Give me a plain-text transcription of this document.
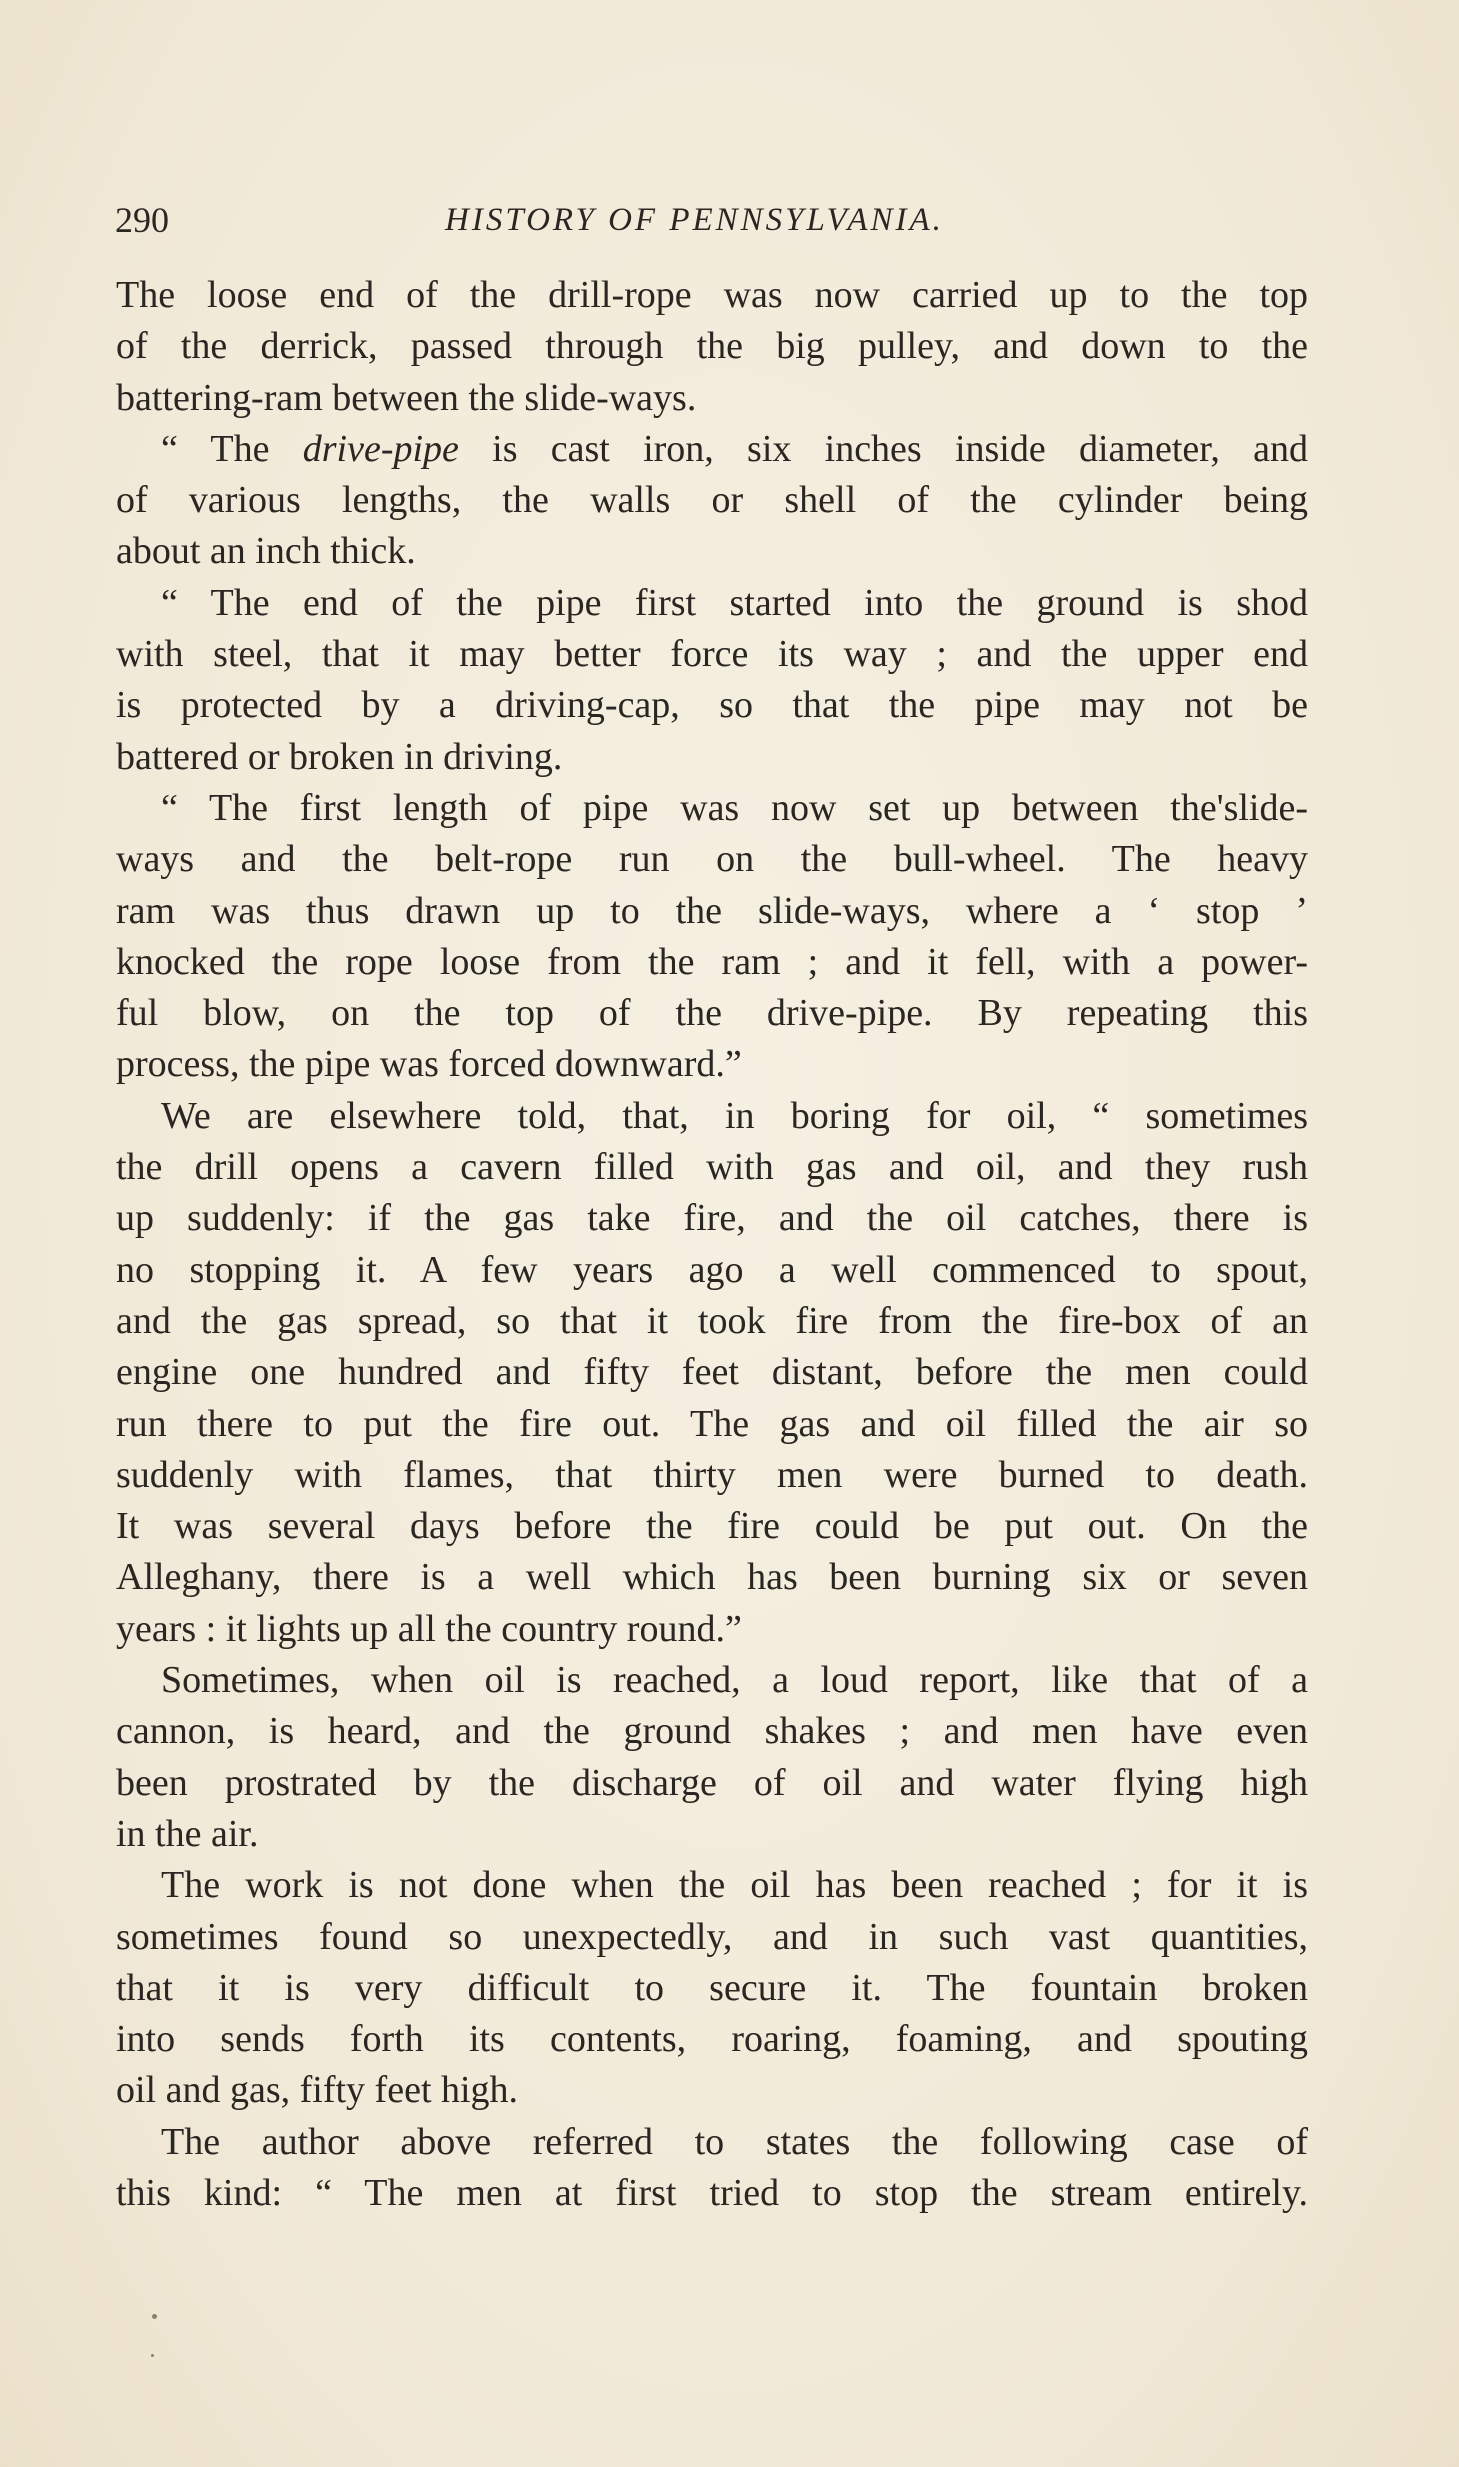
290	HISTORY OF PENNSYLVANIA.
The loose end of the drill-rope was now carried up to the top
of the derrick, passed through the big pulley, and down to the
battering-ram between the slide-ways.
“ The drive-pipe is cast iron, six inches inside diameter, and
of various lengths, the walls or shell of the cylinder being
about an inch thick.
“ The end of the pipe first started into the ground is shod
with steel, that it may better force its way ; and the upper end
is protected by a driving-cap, so that the pipe may not be
battered or broken in driving.
“ The first length of pipe was now set up between the'slide-
ways and the belt-rope run on the bull-wheel. The heavy
ram was thus drawn up to the slide-ways, where a ‘ stop ’
knocked the rope loose from the ram ; and it fell, with a power-
ful blow, on the top of the drive-pipe. By repeating this
process, the pipe was forced downward.”
We are elsewhere told, that, in boring for oil, “ sometimes
the drill opens a cavern filled with gas and oil, and they rush
up suddenly: if the gas take fire, and the oil catches, there is
no stopping it. A few years ago a well commenced to spout,
and the gas spread, so that it took fire from the fire-box of an
engine one hundred and fifty feet distant, before the men could
run there to put the fire out. The gas and oil filled the air so
suddenly with flames, that thirty men were burned to death.
It was several days before the fire could be put out. On the
Alleghany, there is a well which has been burning six or seven
years : it lights up all the country round.”
Sometimes, when oil is reached, a loud report, like that of a
cannon, is heard, and the ground shakes ; and men have even
been prostrated by the discharge of oil and water flying high
in the air.
The work is not done when the oil has been reached ; for it is
sometimes found so unexpectedly, and in such vast quantities,
that it is very difficult to secure it. The fountain broken
into sends forth its contents, roaring, foaming, and spouting
oil and gas, fifty feet high.
The author above referred to states the following case of
this kind: “ The men at first tried to stop the stream entirely.
